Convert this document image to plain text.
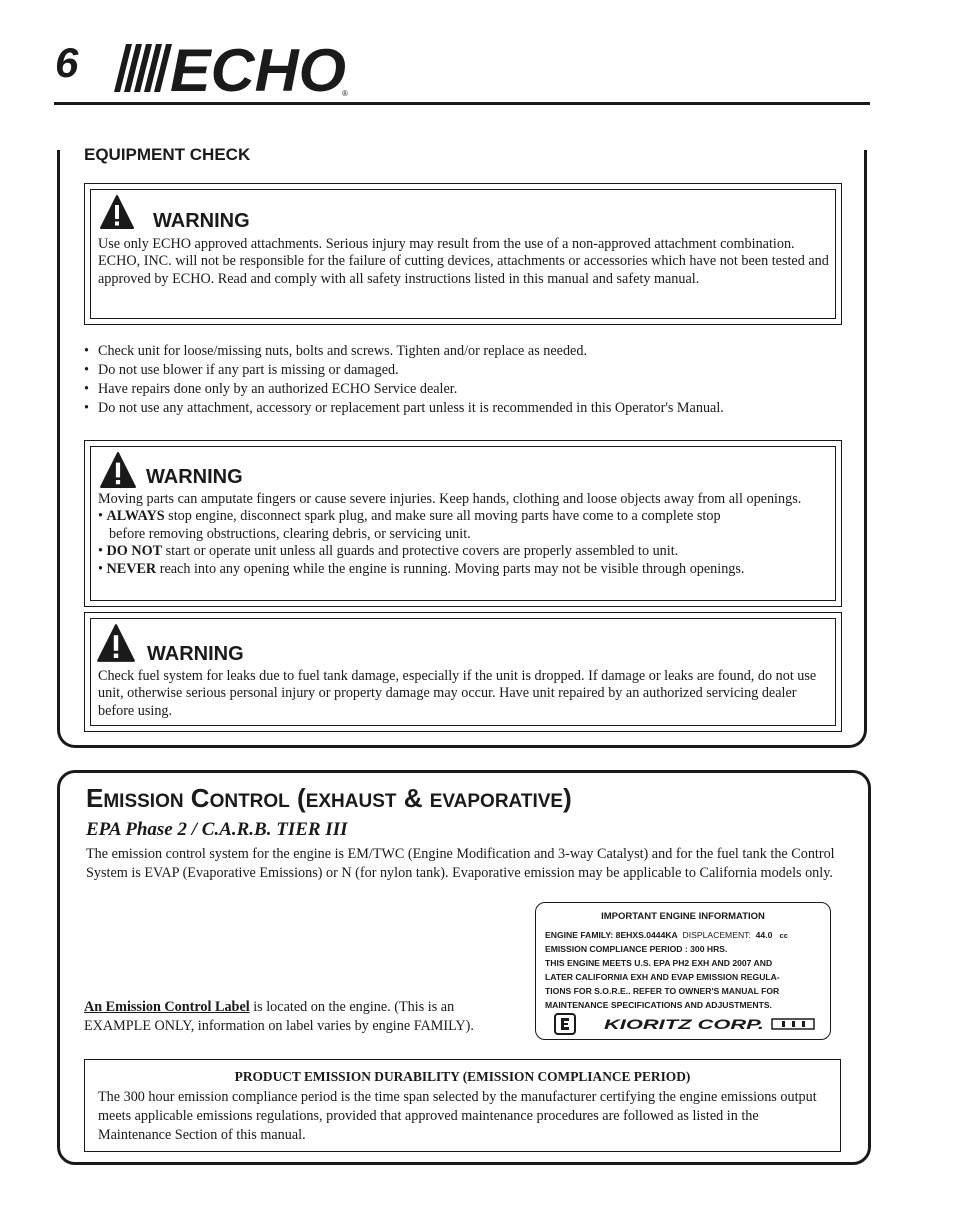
6 ECHO
®
EQUIPMENT CHECK
WARNING
Use only ECHO approved attachments. Serious injury may result from the use of a non-approved attachment combination. ECHO, INC. will not be responsible for the failure of cutting devices, attachments or accessories which have not been tested and approved by ECHO. Read and comply with all safety instructions listed in this manual and safety manual.
• Check unit for loose/missing nuts, bolts and screws. Tighten and/or replace as needed.
• Do not use blower if any part is missing or damaged.
• Have repairs done only by an authorized ECHO Service dealer.
• Do not use any attachment, accessory or replacement part unless it is recommended in this Operator's Manual.
WARNING
Moving parts can amputate fingers or cause severe injuries. Keep hands, clothing and loose objects away from all openings.
• ALWAYS stop engine, disconnect spark plug, and make sure all moving parts have come to a complete stop
before removing obstructions, clearing debris, or servicing unit.
• DO NOT start or operate unit unless all guards and protective covers are properly assembled to unit.
• NEVER reach into any opening while the engine is running. Moving parts may not be visible through openings.
WARNING
Check fuel system for leaks due to fuel tank damage, especially if the unit is dropped. If damage or leaks are found, do not use unit, otherwise serious personal injury or property damage may occur. Have unit repaired by an authorized servicing dealer before using.
EMISSION CONTROL (EXHAUST & EVAPORATIVE)
EPA Phase 2 / C.A.R.B. TIER III
The emission control system for the engine is EM/TWC (Engine Modification and 3-way Catalyst) and for the fuel tank the Control System is EVAP (Evaporative Emissions) or N (for nylon tank). Evaporative emission may be applicable to California models only.
An Emission Control Label is located on the engine. (This is an EXAMPLE ONLY, information on label varies by engine FAMILY).
IMPORTANT ENGINE INFORMATION
ENGINE FAMILY: 8EHXS.0444KA DISPLACEMENT: 44.0 cc
EMISSION COMPLIANCE PERIOD : 300 HRS.
THIS ENGINE MEETS U.S. EPA PH2 EXH AND 2007 AND
LATER CALIFORNIA EXH AND EVAP EMISSION REGULA-
TIONS FOR S.O.R.E.. REFER TO OWNER'S MANUAL FOR
MAINTENANCE SPECIFICATIONS AND ADJUSTMENTS.
KIORITZ CORP.
PRODUCT EMISSION DURABILITY (EMISSION COMPLIANCE PERIOD)
The 300 hour emission compliance period is the time span selected by the manufacturer certifying the engine emissions output meets applicable emissions regulations, provided that approved maintenance procedures are followed as listed in the Maintenance Section of this manual.
